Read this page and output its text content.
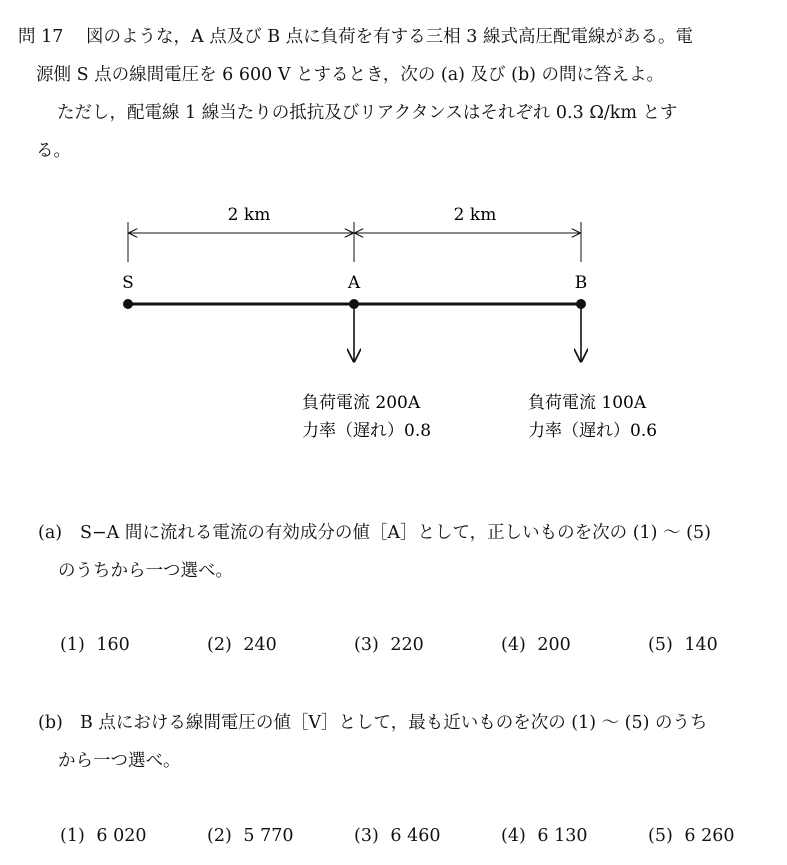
問 17 図のような，A 点及び B 点に負荷を有する三相 3 線式高圧配電線がある。電
源側 S 点の線間電圧を 6 600 V とするとき，次の (a) 及び (b) の問に答えよ。
ただし，配電線 1 線当たりの抵抗及びリアクタンスはそれぞれ 0.3 Ω/km とす
る。
2 km	2 km
S	A	B
負荷電流 200A
力率（遅れ）0.8
負荷電流 100A
力率（遅れ）0.6
(a) S−A 間に流れる電流の有効成分の値［A］として，正しいものを次の (1) ～ (5)
のうちから一つ選べ。
(1) 160	(2) 240	(3) 220	(4) 200	(5) 140
(b) B 点における線間電圧の値［V］として，最も近いものを次の (1) ～ (5) のうち
から一つ選べ。
(1) 6 020	(2) 5 770	(3) 6 460	(4) 6 130	(5) 6 260
